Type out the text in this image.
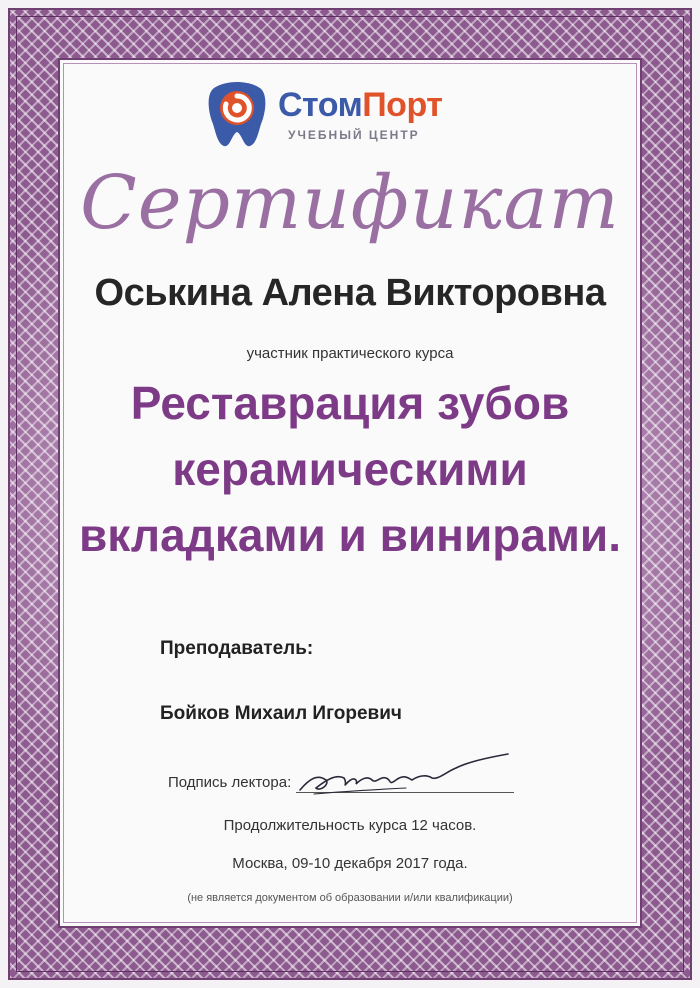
СтомПорт
УЧЕБНЫЙ ЦЕНТР
Сертификат
Оськина Алена Викторовна
участник практического курса
Реставрация зубов
керамическими
вкладками и винирами.
Преподаватель:
Бойков Михаил Игоревич
Подпись лектора:
Продолжительность курса 12 часов.
Москва, 09-10 декабря 2017 года.
(не является документом об образовании и/или квалификации)
